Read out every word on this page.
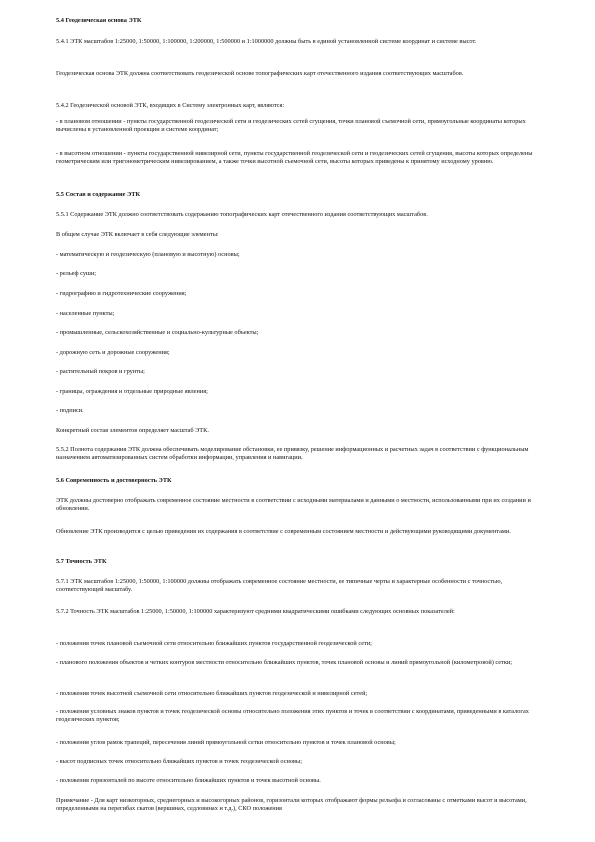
5.4 Геодезическая основа ЭТК

5.4.1 ЭТК масштабов 1:25000, 1:50000, 1:100000, 1:200000, 1:500000 и 1:1000000 должны быть в единой установленной системе координат и системе высот.

Геодезическая основа ЭТК должна соответствовать геодезической основе топографических карт отечественного издания соответствующих масштабов.

5.4.2 Геодезической основой ЭТК, входящих в Систему электронных карт, являются:

- в плановом отношении - пункты государственной геодезической сети и геодезических сетей сгущения, точки плановой съемочной сети, прямоугольные координаты которых вычислены в установленной проекции и системе координат;

- в высотном отношении - пункты государственной нивелирной сети, пункты государственной геодезической сети и геодезических сетей сгущения, высоты которых определены геометрическим или тригонометрическим нивелированием, а также точки высотной съемочной сети, высоты которых приведены к принятому исходному уровню.

5.5 Состав и содержание ЭТК

5.5.1 Содержание ЭТК должно соответствовать содержанию топографических карт отечественного издания соответствующих масштабов.

В общем случае ЭТК включает в себя следующие элементы:

- математическую и геодезическую (плановую и высотную) основы;

- рельеф суши;

- гидрографию и гидротехнические сооружения;

- населенные пункты;

- промышленные, сельскохозяйственные и социально-культурные объекты;

- дорожную сеть и дорожные сооружения;

- растительный покров и грунты;

- границы, ограждения и отдельные природные явления;

- подписи.

Конкретный состав элементов определяет масштаб ЭТК.

5.5.2 Полнота содержания ЭТК должна обеспечивать моделирование обстановки, ее привязку, решение информационных и расчетных задач в соответствии с функциональным назначением автоматизированных систем обработки информации, управления и навигации.

5.6 Современность и достоверность ЭТК

ЭТК должны достоверно отображать современное состояние местности в соответствии с исходными материалами и данными о местности, использованными при их создании и обновлении.

Обновление ЭТК производится с целью приведения их содержания в соответствие с современным состоянием местности и действующими руководящими документами.

5.7 Точность ЭТК

5.7.1 ЭТК масштабов 1:25000, 1:50000, 1:100000 должны отображать современное состояние местности, ее типичные черты и характерные особенности с точностью, соответствующей масштабу.

5.7.2 Точность ЭТК масштабов 1:25000, 1:50000, 1:100000 характеризуют средними квадратическими ошибками следующих основных показателей:

- положения точек плановой съемочной сети относительно ближайших пунктов государственной геодезической сети;

- планового положения объектов и четких контуров местности относительно ближайших пунктов, точек плановой основы и линий прямоугольной (километровой) сетки;

- положения точек высотной съемочной сети относительно ближайших пунктов геодезической и нивелирной сетей;

- положения условных знаков пунктов и точек геодезической основы относительно положения этих пунктов и точек в соответствии с координатами, приведенными в каталогах геодезических пунктов;

- положения углов рамок трапеций, пересечения линий прямоугольной сетки относительно пунктов и точек плановой основы;

- высот подписных точек относительно ближайших пунктов и точек геодезической основы;

- положения горизонталей по высоте относительно ближайших пунктов и точек высотной основы.

Примечание - Для карт низкогорных, среднегорных и высокогорных районов, горизонтали которых отображают формы рельефа и согласованы с отметками высот и высотами, определенными на перегибах скатов (вершинах, седловинах и т.д.), СКО положения
